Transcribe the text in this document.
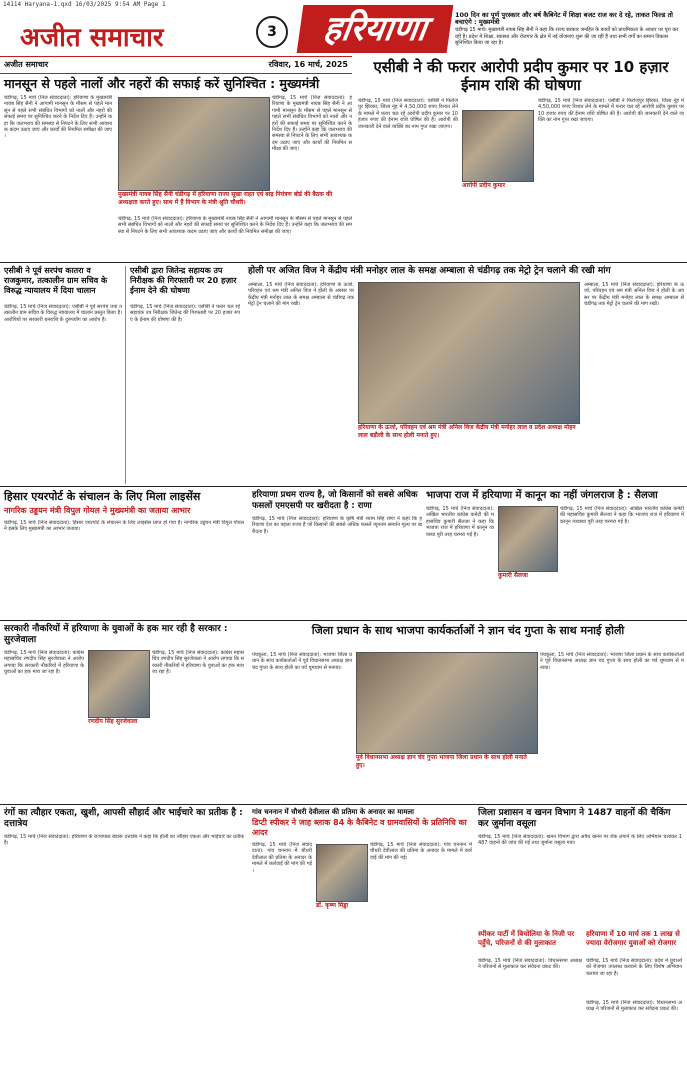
14114 Haryana-1.qxd 16/03/2025 9:54 AM Page 1
अजीत समाचार	3	हरियाणा	100 दिन का पूर्ण पुरस्कार और बर्ष कैबिनेट में शिक्षा बजट राज कर दे रहे, ताकत फिल्ड तो बचाएंगे : मुख्यमंत्री
चंडीगढ़ 15 मार्च। मुख्यमंत्री नायब सिंह सैनी ने कहा कि राज्य सरकार जनहित के कार्यों को प्राथमिकता के आधार पर पूरा कर रही है। प्रदेश में शिक्षा, स्वास्थ्य और रोजगार के क्षेत्र में नई योजनाएं शुरू की जा रही हैं तथा सभी वर्गों का समान विकास सुनिश्चित किया जा रहा है।
अजीत समाचार	रविवार, 16 मार्च, 2025
मानसून से पहले नालों और नहरों की सफाई करें सुनिश्चित : मुख्यमंत्री
चंडीगढ़, 15 मार्च (निज संवाददाता): हरियाणा के मुख्यमंत्री नायब सिंह सैनी ने आगामी मानसून के मौसम से पहले मानसून से पहले सभी संबंधित विभागों को नालों और नहरों की सफाई समय पर सुनिश्चित करने के निर्देश दिए हैं। उन्होंने कहा कि जलभराव की समस्या से निपटने के लिए सभी आवश्यक कदम उठाए जाएं और कार्यों की नियमित समीक्षा की जाए।
मुख्यमंत्री नायब सिंह सैनी चंडीगढ़ में हरियाणा राज्य सूखा राहत एवं बाढ़ नियंत्रण बोर्ड की बैठक की अध्यक्षता करते हुए। साथ में हैं विभाग के मंत्री श्रुति चौधरी।
चंडीगढ़, 15 मार्च (निज संवाददाता): हरियाणा के मुख्यमंत्री नायब सिंह सैनी ने आगामी मानसून के मौसम से पहले मानसून से पहले सभी संबंधित विभागों को नालों और नहरों की सफाई समय पर सुनिश्चित करने के निर्देश दिए हैं। उन्होंने कहा कि जलभराव की समस्या से निपटने के लिए सभी आवश्यक कदम उठाए जाएं और कार्यों की नियमित समीक्षा की जाए।
चंडीगढ़, 15 मार्च (निज संवाददाता): हरियाणा के मुख्यमंत्री नायब सिंह सैनी ने आगामी मानसून के मौसम से पहले मानसून से पहले सभी संबंधित विभागों को नालों और नहरों की सफाई समय पर सुनिश्चित करने के निर्देश दिए हैं। उन्होंने कहा कि जलभराव की समस्या से निपटने के लिए सभी आवश्यक कदम उठाए जाएं और कार्यों की नियमित समीक्षा की जाए।
एसीबी ने की फरार आरोपी प्रदीप कुमार पर 10 हज़ार ईनाम राशि की घोषणा
चंडीगढ़, 15 मार्च (निज संवाददाता): एसीबी ने फिरोजपुर झिरका, जिला नूंह में 4,50,000 रुपए रिश्वत लेने के मामले में फरार चल रहे आरोपी प्रदीप कुमार पर 10 हजार रुपए की ईनाम राशि घोषित की है। आरोपी की जानकारी देने वाले व्यक्ति का नाम गुप्त रखा जाएगा।
आरोपी प्रदीप कुमार
चंडीगढ़, 15 मार्च (निज संवाददाता): एसीबी ने फिरोजपुर झिरका, जिला नूंह में 4,50,000 रुपए रिश्वत लेने के मामले में फरार चल रहे आरोपी प्रदीप कुमार पर 10 हजार रुपए की ईनाम राशि घोषित की है। आरोपी की जानकारी देने वाले व्यक्ति का नाम गुप्त रखा जाएगा।
एसीबी ने पूर्व सरपंच कातरा व राजकुमार, तत्कालीन ग्राम सचिव के विरुद्ध न्यायालय में दिया चालान
चंडीगढ़, 15 मार्च (निज संवाददाता): एसीबी ने पूर्व सरपंच तथा तत्कालीन ग्राम सचिव के विरुद्ध न्यायालय में चालान प्रस्तुत किया है। आरोपियों पर सरकारी धनराशि के दुरुपयोग का आरोप है।
एसीबी द्वारा जितेन्द्र सहायक उप निरीक्षक की गिरफ्तारी पर 20 हज़ार ईनाम देने की घोषणा
चंडीगढ़, 15 मार्च (निज संवाददाता): एसीबी ने फरार चल रहे सहायक उप निरीक्षक जितेन्द्र की गिरफ्तारी पर 20 हजार रुपए के ईनाम की घोषणा की है।
होली पर अजित विज ने केंद्रीय मंत्री मनोहर लाल के समक्ष अम्बाला से चंडीगढ़ तक मेट्रो ट्रेन चलाने की रखी मांग
अम्बाला, 15 मार्च (निज संवाददाता): हरियाणा के ऊर्जा, परिवहन एवं श्रम मंत्री अनिल विज ने होली के अवसर पर केंद्रीय मंत्री मनोहर लाल के समक्ष अम्बाला से चंडीगढ़ तक मेट्रो ट्रेन चलाने की मांग रखी।
हरियाणा के ऊर्जा, परिवहन एवं श्रम मंत्री अनिल विज केंद्रीय मंत्री मनोहर लाल व प्रदेश अध्यक्ष मोहन लाल बड़ौली के साथ होली मनाते हुए।
अम्बाला, 15 मार्च (निज संवाददाता): हरियाणा के ऊर्जा, परिवहन एवं श्रम मंत्री अनिल विज ने होली के अवसर पर केंद्रीय मंत्री मनोहर लाल के समक्ष अम्बाला से चंडीगढ़ तक मेट्रो ट्रेन चलाने की मांग रखी।
हिसार एयरपोर्ट के संचालन के लिए मिला लाइसेंस
नागरिक उड्डयन मंत्री विपुल गोयल ने मुख्यमंत्री का जताया आभार
चंडीगढ़, 15 मार्च (निज संवाददाता): हिसार एयरपोर्ट के संचालन के लिए लाइसेंस प्राप्त हो गया है। नागरिक उड्डयन मंत्री विपुल गोयल ने इसके लिए मुख्यमंत्री का आभार जताया।
हरियाणा प्रथम राज्य है, जो किसानों को सबसे अधिक फसलों एमएसपी पर खरीदता है : राणा
चंडीगढ़, 15 मार्च (निज संवाददाता): हरियाणा के कृषि मंत्री श्याम सिंह राणा ने कहा कि हरियाणा देश का पहला राज्य है जो किसानों की सबसे अधिक फसलें न्यूनतम समर्थन मूल्य पर खरीदता है।
भाजपा राज में हरियाणा में कानून का नहीं जंगलराज है : सैलजा
चंडीगढ़, 15 मार्च (निज संवाददाता): अखिल भारतीय कांग्रेस कमेटी की महासचिव कुमारी सैलजा ने कहा कि भाजपा राज में हरियाणा में कानून व्यवस्था पूरी तरह चरमरा गई है।
कुमारी सैलजा
चंडीगढ़, 15 मार्च (निज संवाददाता): अखिल भारतीय कांग्रेस कमेटी की महासचिव कुमारी सैलजा ने कहा कि भाजपा राज में हरियाणा में कानून व्यवस्था पूरी तरह चरमरा गई है।
सरकारी नौकरियों में हरियाणा के युवाओं के हक मार रही है सरकार : सुरजेवाला
चंडीगढ़, 15 मार्च (निज संवाददाता): कांग्रेस महासचिव रणदीप सिंह सुरजेवाला ने आरोप लगाया कि सरकारी नौकरियों में हरियाणा के युवाओं का हक मारा जा रहा है।
रणदीप सिंह सुरजेवाला
चंडीगढ़, 15 मार्च (निज संवाददाता): कांग्रेस महासचिव रणदीप सिंह सुरजेवाला ने आरोप लगाया कि सरकारी नौकरियों में हरियाणा के युवाओं का हक मारा जा रहा है।
जिला प्रधान के साथ भाजपा कार्यकर्ताओं ने ज्ञान चंद गुप्ता के साथ मनाई होली
पंचकूला, 15 मार्च (निज संवाददाता): भाजपा जिला प्रधान के साथ कार्यकर्ताओं ने पूर्व विधानसभा अध्यक्ष ज्ञान चंद गुप्ता के साथ होली का पर्व धूमधाम से मनाया।
पूर्व विधानसभा अध्यक्ष ज्ञान चंद गुप्ता भाजपा जिला प्रधान के साथ होली मनाते हुए।
पंचकूला, 15 मार्च (निज संवाददाता): भाजपा जिला प्रधान के साथ कार्यकर्ताओं ने पूर्व विधानसभा अध्यक्ष ज्ञान चंद गुप्ता के साथ होली का पर्व धूमधाम से मनाया।
रंगों का त्यौहार एकता, खुशी, आपसी सौहार्द और भाईचारे का प्रतीक है : दत्तात्रेय
चंडीगढ़, 15 मार्च (निज संवाददाता): हरियाणा के राज्यपाल बंडारू दत्तात्रेय ने कहा कि होली का त्यौहार एकता और भाईचारे का प्रतीक है।
गांव चननान में चौधरी देवीलाल की प्रतिमा के अनादर का मामला
डिप्टी स्पीकर ने जाह ब्लाक 84 के कैबिनेट व ग्रामवासियों के प्रतिनिधि का आदर
चंडीगढ़, 15 मार्च (निज संवाददाता): गांव चननान में चौधरी देवीलाल की प्रतिमा के अनादर के मामले में कार्रवाई की मांग की गई।
डॉ. कृष्ण मिड्ढा
चंडीगढ़, 15 मार्च (निज संवाददाता): गांव चननान में चौधरी देवीलाल की प्रतिमा के अनादर के मामले में कार्रवाई की मांग की गई।
जिला प्रशासन व खनन विभाग ने 1487 वाहनों की चैकिंग कर जुर्माना वसूला
चंडीगढ़, 15 मार्च (निज संवाददाता): खनन विभाग द्वारा अवैध खनन पर रोक लगाने के लिए अभियान चलाकर 1487 वाहनों की जांच की गई तथा जुर्माना वसूला गया।
हरियाणा में 10 मार्च तक 1 लाख से ज्यादा वेरोजगार युवाओं को रोजगार
चंडीगढ़, 15 मार्च (निज संवाददाता): प्रदेश में युवाओं को रोजगार उपलब्ध करवाने के लिए विशेष अभियान चलाया जा रहा है।
स्पीकर पार्टी में बिचोलिया के निजी पर पहुँचे, परिजनों से की मुलाकात
चंडीगढ़, 15 मार्च (निज संवाददाता): विधानसभा अध्यक्ष ने परिजनों से मुलाकात कर संवेदना प्रकट की।
चंडीगढ़, 15 मार्च (निज संवाददाता): विधानसभा अध्यक्ष ने परिजनों से मुलाकात कर संवेदना प्रकट की।
